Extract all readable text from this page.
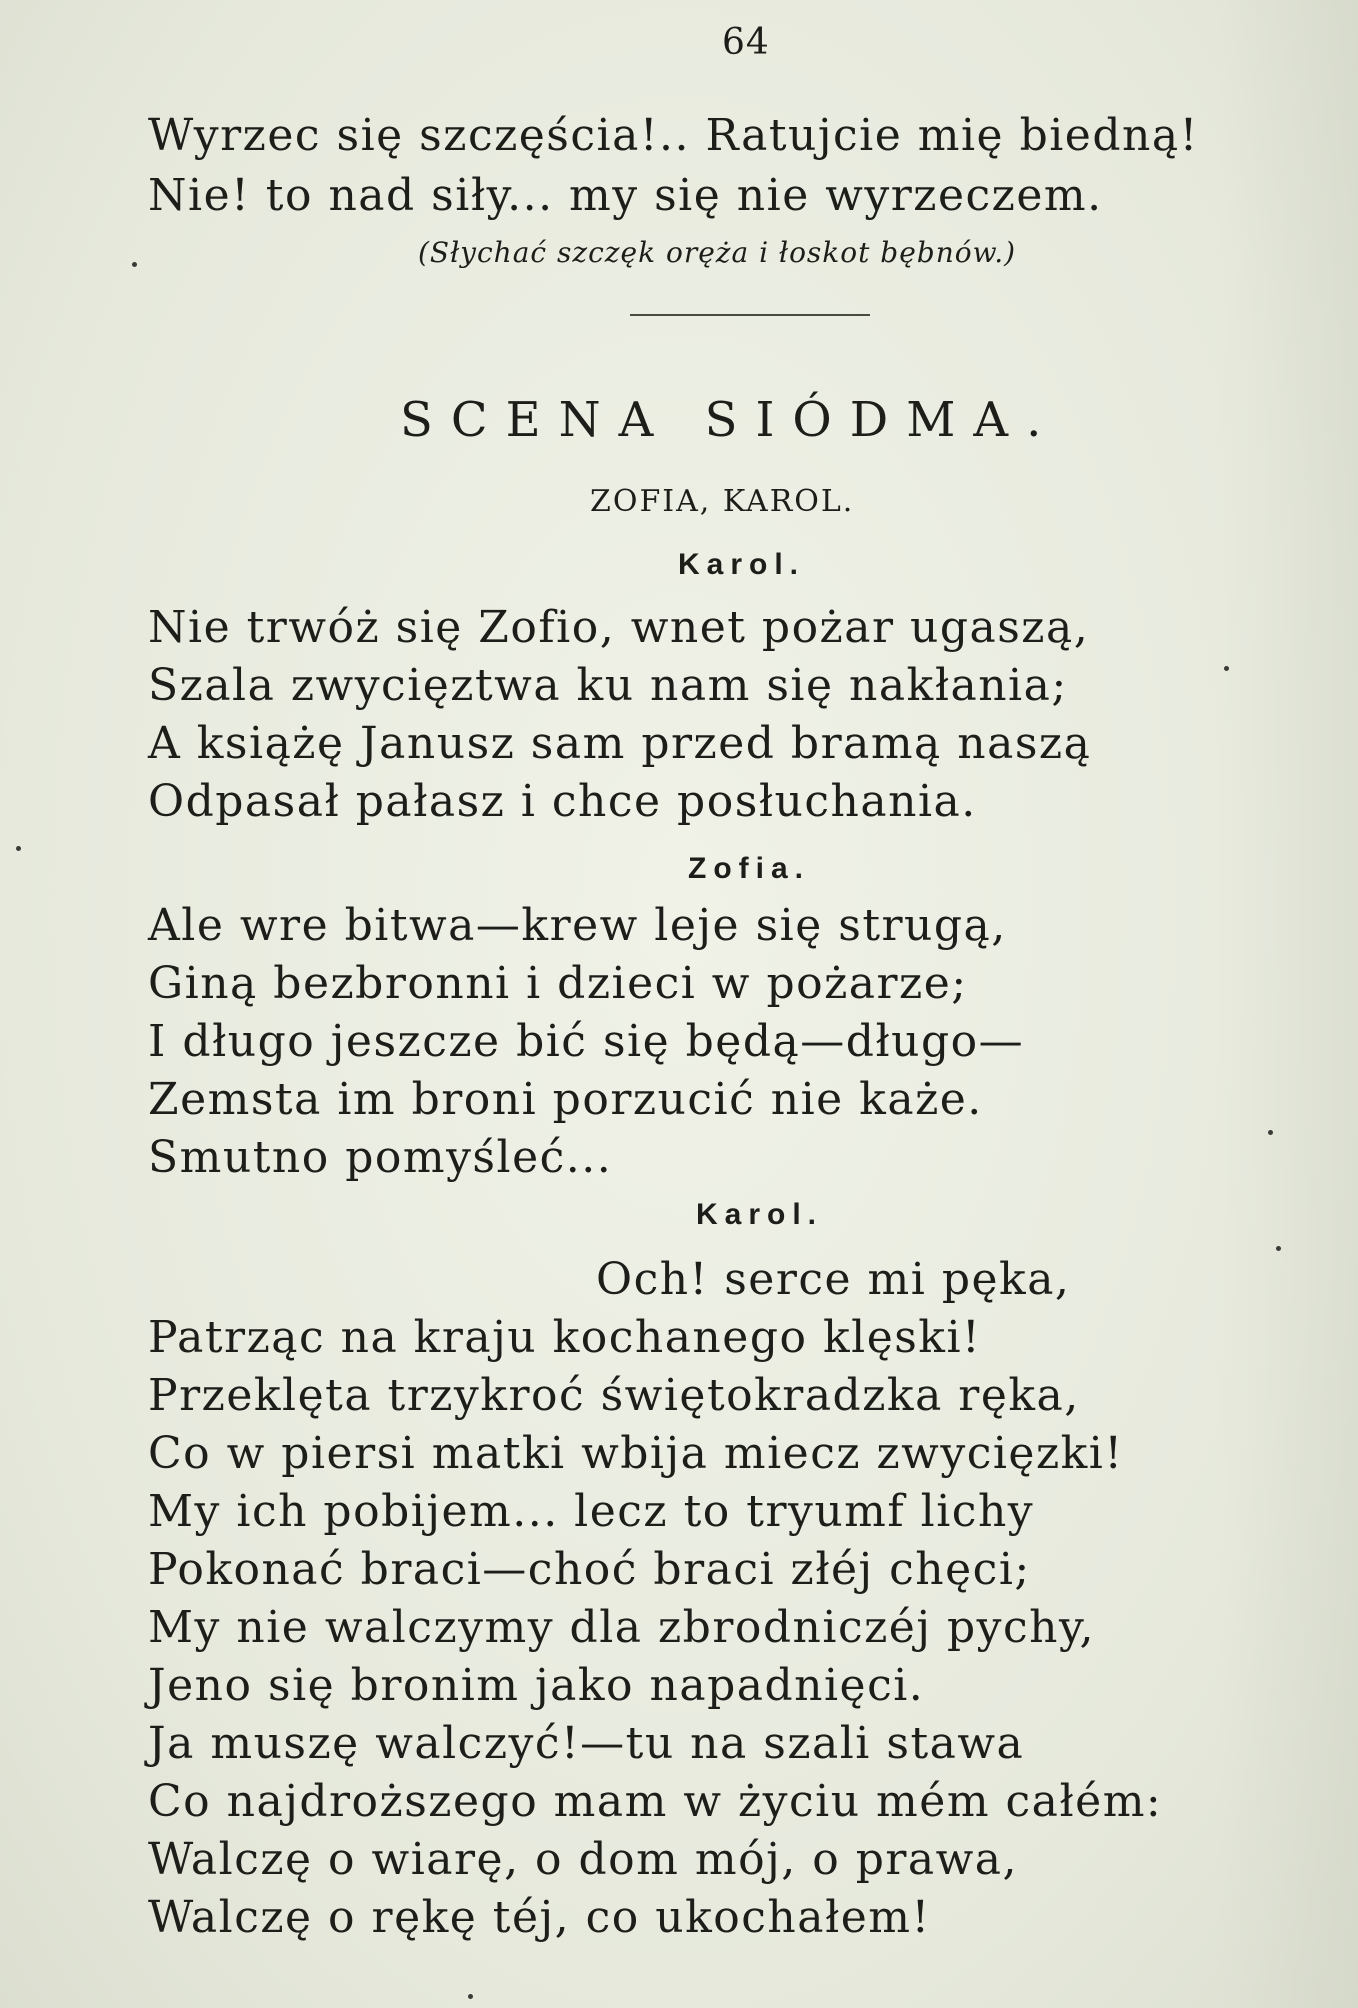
64
Wyrzec się szczęścia!.. Ratujcie mię biedną!
Nie! to nad siły... my się nie wyrzeczem.
(Słychać szczęk oręża i łoskot bębnów.)
SCENA SIÓDMA.
ZOFIA, KAROL.
Karol.
Nie trwóż się Zofio, wnet pożar ugaszą,
Szala zwycięztwa ku nam się nakłania;
A książę Janusz sam przed bramą naszą
Odpasał pałasz i chce posłuchania.
Zofia.
Ale wre bitwa—krew leje się strugą,
Giną bezbronni i dzieci w pożarze;
I długo jeszcze bić się będą—długo—
Zemsta im broni porzucić nie każe.
Smutno pomyśleć...
Karol.
Och! serce mi pęka,
Patrząc na kraju kochanego klęski!
Przeklęta trzykroć świętokradzka ręka,
Co w piersi matki wbija miecz zwycięzki!
My ich pobijem... lecz to tryumf lichy
Pokonać braci—choć braci złéj chęci;
My nie walczymy dla zbrodniczéj pychy,
Jeno się bronim jako napadnięci.
Ja muszę walczyć!—tu na szali stawa
Co najdroższego mam w życiu mém całém:
Walczę o wiarę, o dom mój, o prawa,
Walczę o rękę téj, co ukochałem!
